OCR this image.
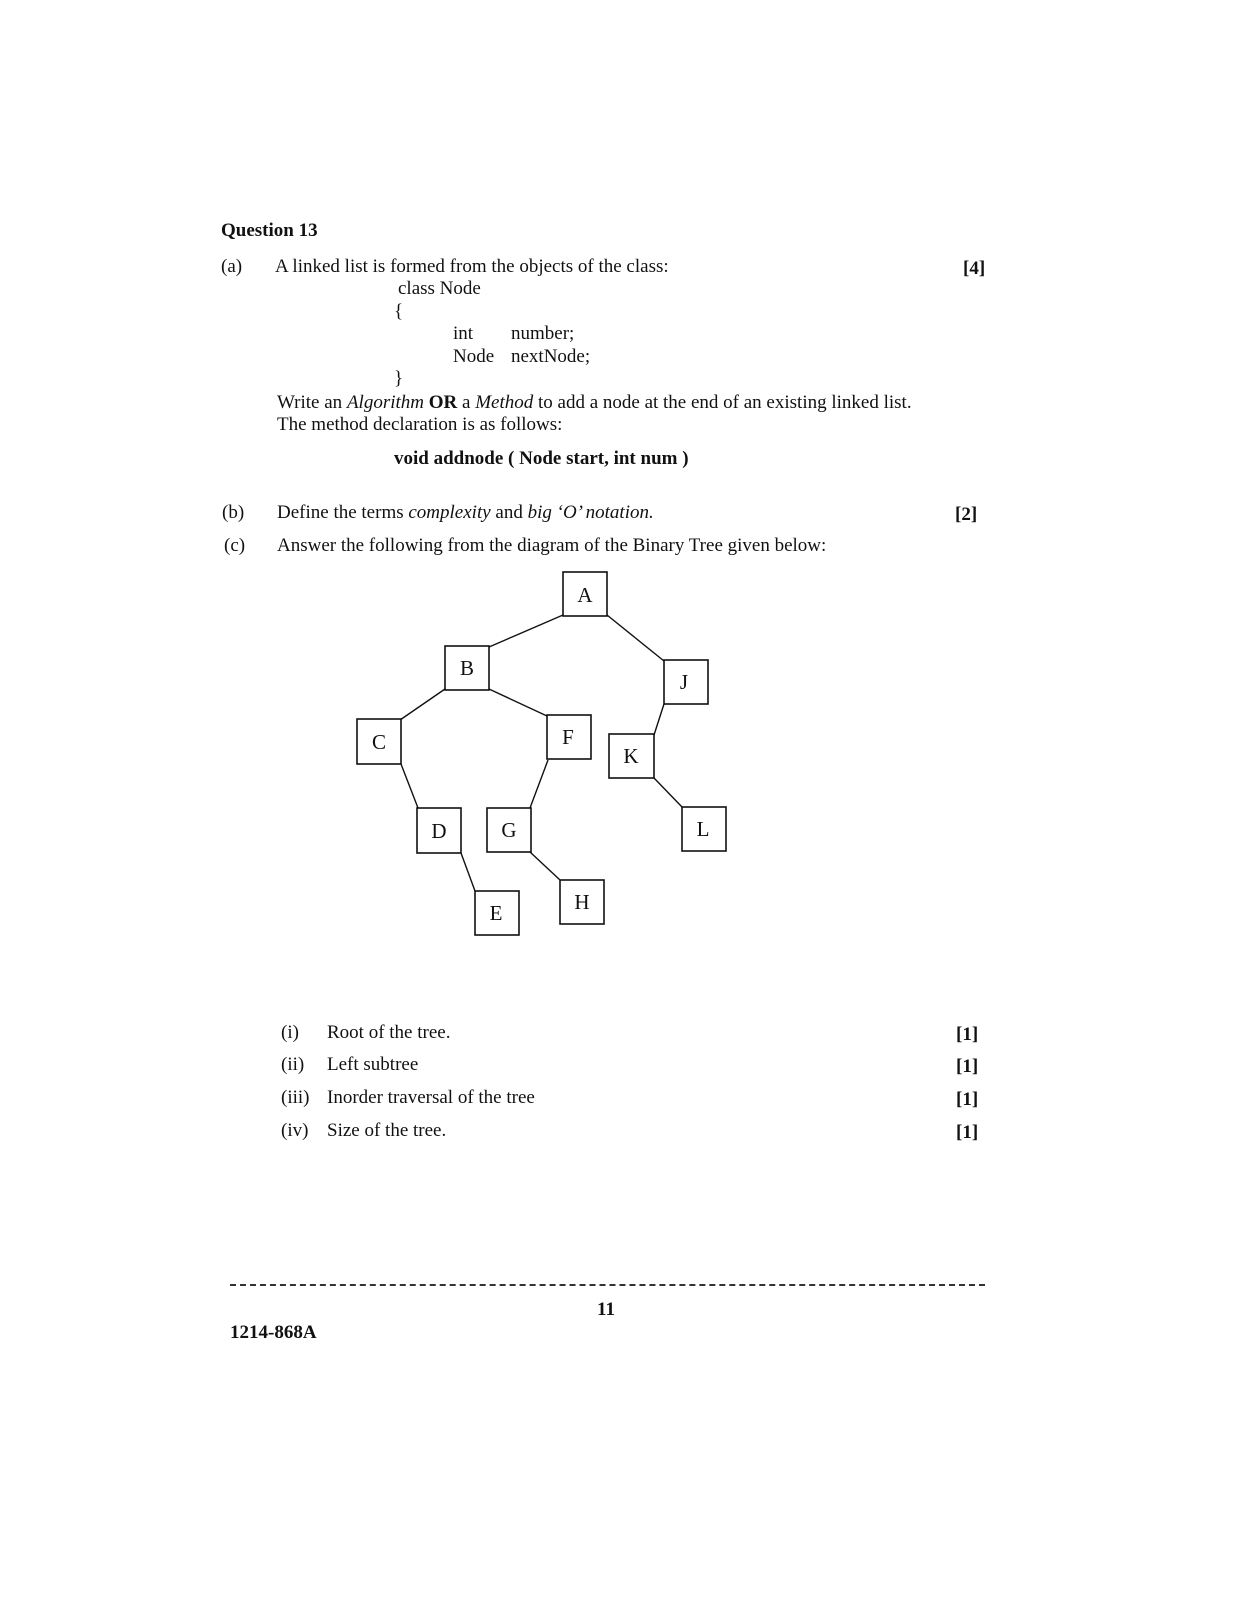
Question 13
(a) A linked list is formed from the objects of the class:	[4]
class Node
{
int number;
Node nextNode;
}
Write an Algorithm OR a Method to add a node at the end of an existing linked list.
The method declaration is as follows:
void addnode ( Node start, int num )
(b) Define the terms complexity and big ‘O’ notation.	[2]
(c) Answer the following from the diagram of the Binary Tree given below:
A
B
J
C	F
K
D	G	L
E	H
(i) Root of the tree.	[1]
(ii) Left subtree	[1]
(iii) Inorder traversal of the tree	[1]
(iv) Size of the tree.	[1]
11
1214-868A
